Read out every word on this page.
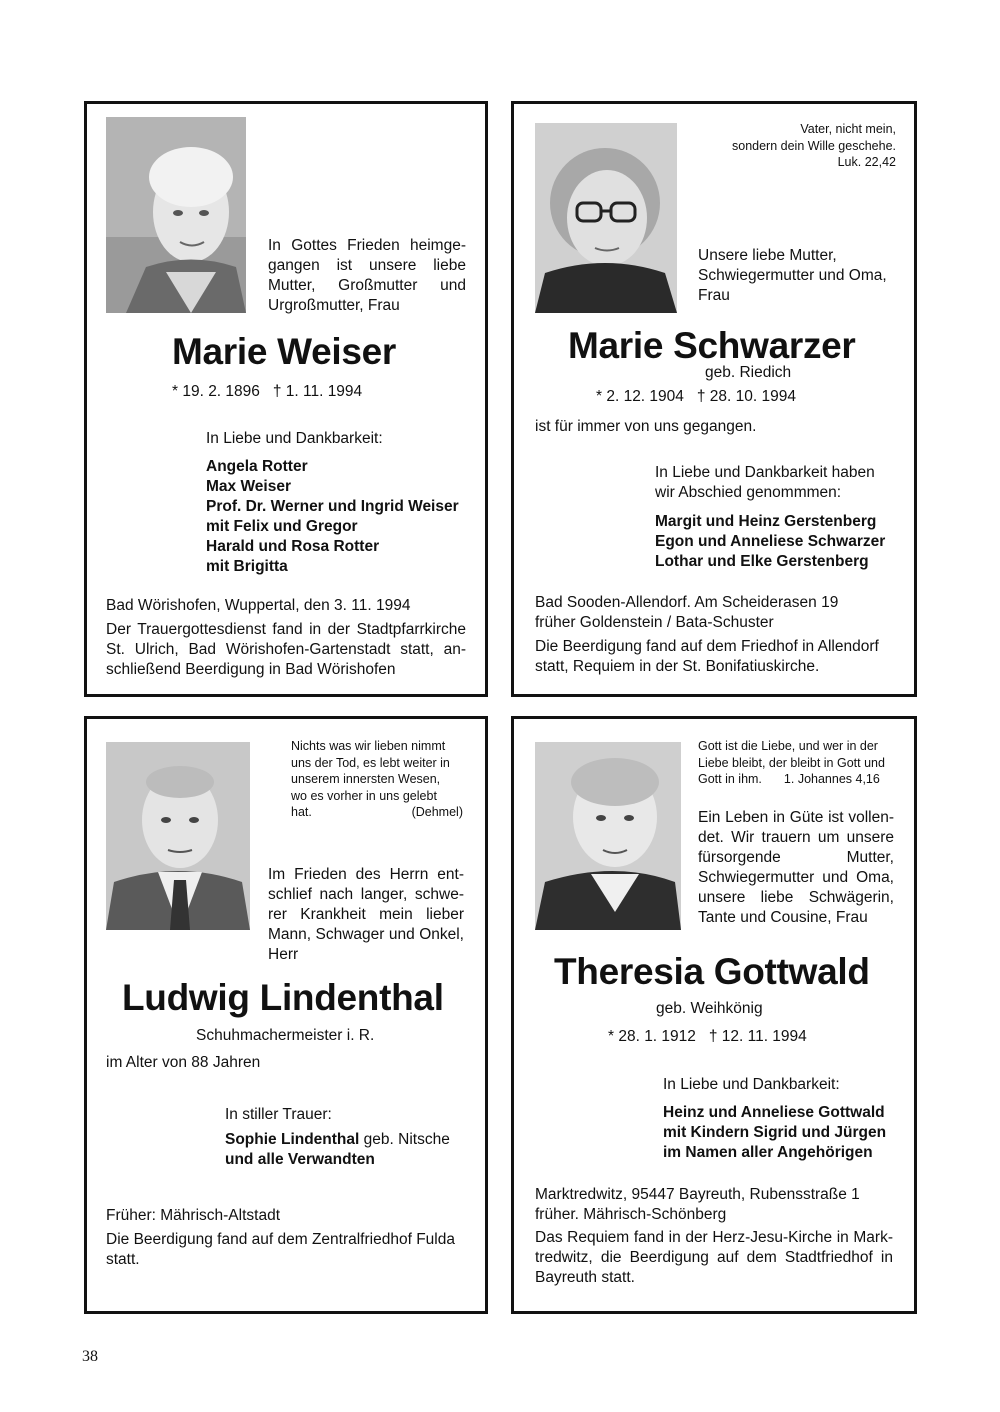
In Gottes Frieden heimge-
gangen ist unsere liebe
Mutter, Großmutter und
Urgroßmutter, Frau
Marie Weiser
* 19. 2. 1896   † 1. 11. 1994
In Liebe und Dankbarkeit:
Angela Rotter
Max Weiser
Prof. Dr. Werner und Ingrid Weiser
mit Felix und Gregor
Harald und Rosa Rotter
mit Brigitta
Bad Wörishofen, Wuppertal, den 3. 11. 1994
Der Trauergottesdienst fand in der Stadtpfarrkirche
St. Ulrich, Bad Wörishofen-Gartenstadt statt, an-
schließend Beerdigung in Bad Wörishofen
Vater, nicht mein,
sondern dein Wille geschehe.
Luk. 22,42
Unsere liebe Mutter,
Schwiegermutter und Oma,
Frau
Marie Schwarzer
geb. Riedich
* 2. 12. 1904   † 28. 10. 1994
ist für immer von uns gegangen.
In Liebe und Dankbarkeit haben
wir Abschied genommmen:
Margit und Heinz Gerstenberg
Egon und Anneliese Schwarzer
Lothar und Elke Gerstenberg
Bad Sooden-Allendorf. Am Scheiderasen 19
früher Goldenstein / Bata-Schuster
Die Beerdigung fand auf dem Friedhof in Allendorf
statt, Requiem in der St. Bonifatiuskirche.
Nichts was wir lieben nimmt
uns der Tod, es lebt weiter in
unserem innersten Wesen,
wo es vorher in uns gelebt
hat.	(Dehmel)
Im Frieden des Herrn ent-
schlief nach langer, schwe-
rer Krankheit mein lieber
Mann, Schwager und Onkel,
Herr
Ludwig Lindenthal
Schuhmachermeister i. R.
im Alter von 88 Jahren
In stiller Trauer:
Sophie Lindenthal geb. Nitsche
und alle Verwandten
Früher: Mährisch-Altstadt
Die Beerdigung fand auf dem Zentralfriedhof Fulda
statt.
Gott ist die Liebe, und wer in der
Liebe bleibt, der bleibt in Gott und
Gott in ihm. 1. Johannes 4,16
Ein Leben in Güte ist vollen-
det. Wir trauern um unsere
fürsorgende Mutter,
Schwiegermutter und Oma,
unsere liebe Schwägerin,
Tante und Cousine, Frau
Theresia Gottwald
geb. Weihkönig
* 28. 1. 1912   † 12. 11. 1994
In Liebe und Dankbarkeit:
Heinz und Anneliese Gottwald
mit Kindern Sigrid und Jürgen
im Namen aller Angehörigen
Marktredwitz, 95447 Bayreuth, Rubensstraße 1
früher. Mährisch-Schönberg
Das Requiem fand in der Herz-Jesu-Kirche in Mark-
tredwitz, die Beerdigung auf dem Stadtfriedhof in
Bayreuth statt.
38
